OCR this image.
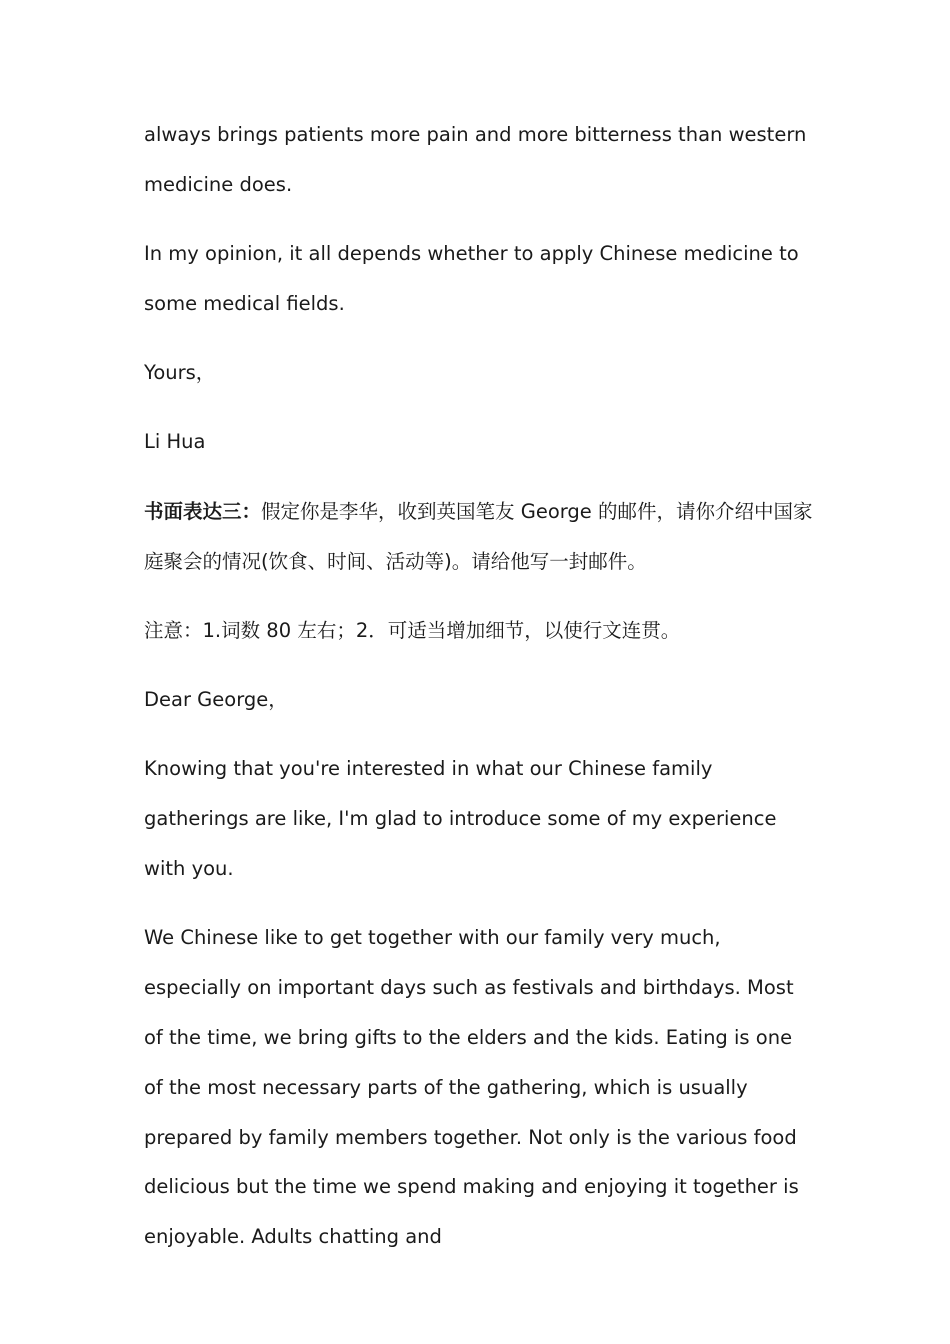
always brings patients more pain and more bitterness than western medicine does.

In my opinion, it all depends whether to apply Chinese medicine to some medical fields.

Yours，

Li Hua

书面表达三：假定你是李华，收到英国笔友 George 的邮件，请你介绍中国家庭聚会的情况(饮食、时间、活动等)。请给他写一封邮件。

注意：1.词数 80 左右；2．可适当增加细节，以使行文连贯。

Dear George，

Knowing that you're interested in what our Chinese family gatherings are like, I'm glad to introduce some of my experience with you.

We Chinese like to get together with our family very much, especially on important days such as festivals and birthdays. Most of the time, we bring gifts to the elders and the kids. Eating is one of the most necessary parts of the gathering, which is usually prepared by family members together. Not only is the various food delicious but the time we spend making and enjoying it together is enjoyable. Adults chatting and
